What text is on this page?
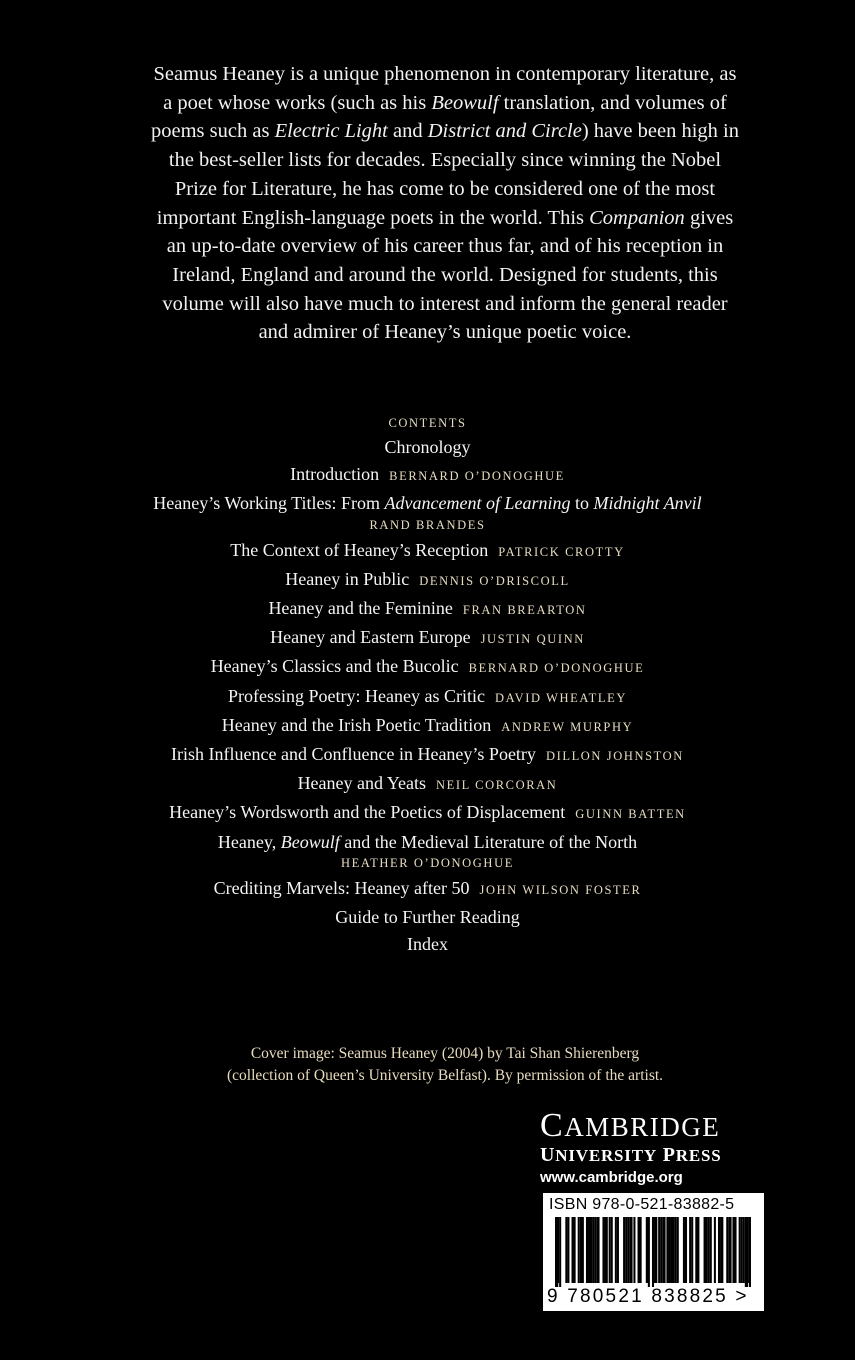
Seamus Heaney is a unique phenomenon in contemporary literature, as a poet whose works (such as his Beowulf translation, and volumes of poems such as Electric Light and District and Circle) have been high in the best-seller lists for decades. Especially since winning the Nobel Prize for Literature, he has come to be considered one of the most important English-language poets in the world. This Companion gives an up-to-date overview of his career thus far, and of his reception in Ireland, England and around the world. Designed for students, this volume will also have much to interest and inform the general reader and admirer of Heaney’s unique poetic voice.
CONTENTS
Chronology
Introduction BERNARD O’DONOGHUE
Heaney’s Working Titles: From Advancement of Learning to Midnight Anvil
RAND BRANDES
The Context of Heaney’s Reception PATRICK CROTTY
Heaney in Public DENNIS O’DRISCOLL
Heaney and the Feminine FRAN BREARTON
Heaney and Eastern Europe JUSTIN QUINN
Heaney’s Classics and the Bucolic BERNARD O’DONOGHUE
Professing Poetry: Heaney as Critic DAVID WHEATLEY
Heaney and the Irish Poetic Tradition ANDREW MURPHY
Irish Influence and Confluence in Heaney’s Poetry DILLON JOHNSTON
Heaney and Yeats NEIL CORCORAN
Heaney’s Wordsworth and the Poetics of Displacement GUINN BATTEN
Heaney, Beowulf and the Medieval Literature of the North
HEATHER O’DONOGHUE
Crediting Marvels: Heaney after 50 JOHN WILSON FOSTER
Guide to Further Reading
Index
Cover image: Seamus Heaney (2004) by Tai Shan Shierenberg
(collection of Queen’s University Belfast). By permission of the artist.
CAMBRIDGE
UNIVERSITY PRESS
www.cambridge.org
ISBN 978-0-521-83882-5
9 780521 838825 >
